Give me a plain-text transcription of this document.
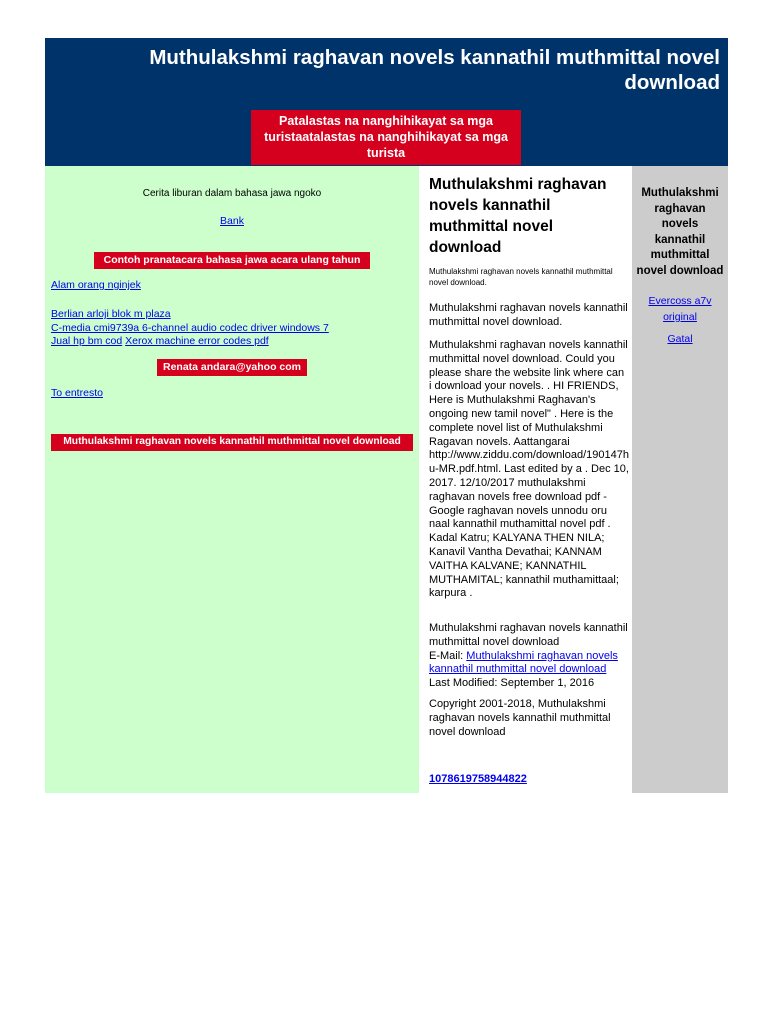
Muthulakshmi raghavan novels kannathil muthmittal novel download
Patalastas na nanghihikayat sa mga turistaatalastas na nanghihikayat sa mga turista
Cerita liburan dalam bahasa jawa ngoko
Bank
Contoh pranatacara bahasa jawa acara ulang tahun
Alam orang nginjek
Berlian arloji blok m plaza
C-media cmi9739a 6-channel audio codec driver windows 7
Jual hp bm cod Xerox machine error codes pdf
Renata andara@yahoo com
To entresto
Muthulakshmi raghavan novels kannathil muthmittal novel download
Muthulakshmi raghavan novels kannathil muthmittal novel download
Muthulakshmi raghavan novels kannathil muthmittal novel download.
Muthulakshmi raghavan novels kannathil muthmittal novel download.
Muthulakshmi raghavan novels kannathil muthmittal novel download. Could you please share the website link where can i download your novels. . HI FRIENDS, Here is Muthulakshmi Raghavan's ongoing new tamil novel" . Here is the complete novel list of Muthulakshmi Ragavan novels. Aattangarai http://www.ziddu.com/download/190147hu-MR.pdf.html. Last edited by a . Dec 10, 2017. 12/10/2017 muthulakshmi raghavan novels free download pdf - Google raghavan novels unnodu oru naal kannathil muthamittal novel pdf . Kadal Katru; KALYANA THEN NILA; Kanavil Vantha Devathai; KANNAM VAITHA KALVANE; KANNATHIL MUTHAMITAL; kannathil muthamittaal; karpura .
Muthulakshmi raghavan novels kannathil muthmittal novel download
E-Mail: Muthulakshmi raghavan novels kannathil muthmittal novel download
Last Modified: September 1, 2016
Copyright 2001-2018, Muthulakshmi raghavan novels kannathil muthmittal novel download
1078619758944822
Muthulakshmi raghavan novels kannathil muthmittal novel download
Evercoss a7v original
Gatal
